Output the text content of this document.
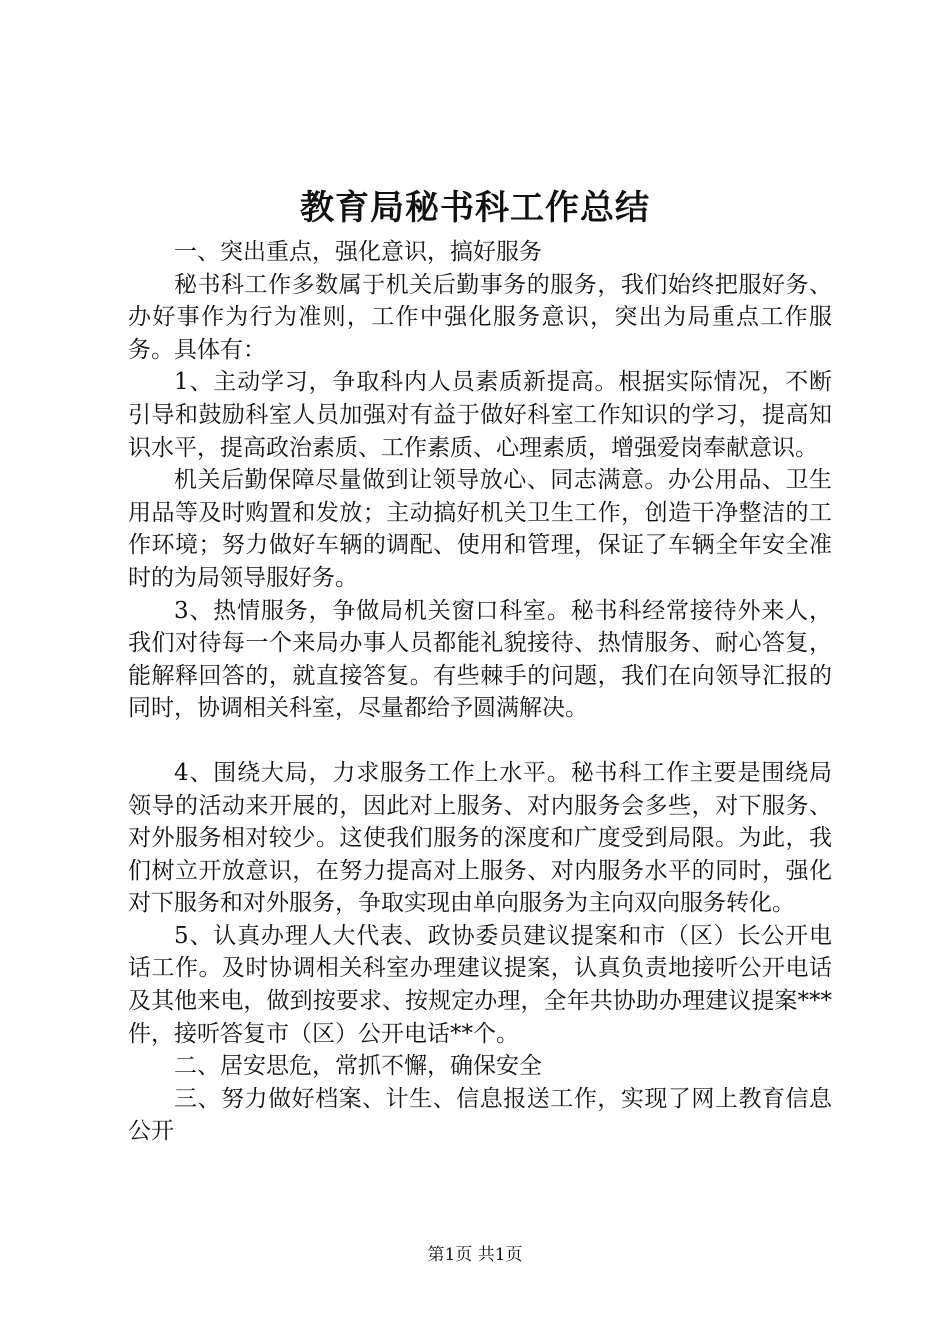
教育局秘书科工作总结

一、突出重点，强化意识，搞好服务

秘书科工作多数属于机关后勤事务的服务，我们始终把服好务、办好事作为行为准则，工作中强化服务意识，突出为局重点工作服务。具体有：

1、主动学习，争取科内人员素质新提高。根据实际情况，不断引导和鼓励科室人员加强对有益于做好科室工作知识的学习，提高知识水平，提高政治素质、工作素质、心理素质，增强爱岗奉献意识。

机关后勤保障尽量做到让领导放心、同志满意。办公用品、卫生用品等及时购置和发放；主动搞好机关卫生工作，创造干净整洁的工作环境；努力做好车辆的调配、使用和管理，保证了车辆全年安全准时的为局领导服好务。

3、热情服务，争做局机关窗口科室。秘书科经常接待外来人，我们对待每一个来局办事人员都能礼貌接待、热情服务、耐心答复，能解释回答的，就直接答复。有些棘手的问题，我们在向领导汇报的同时，协调相关科室，尽量都给予圆满解决。

4、围绕大局，力求服务工作上水平。秘书科工作主要是围绕局领导的活动来开展的，因此对上服务、对内服务会多些，对下服务、对外服务相对较少。这使我们服务的深度和广度受到局限。为此，我们树立开放意识，在努力提高对上服务、对内服务水平的同时，强化对下服务和对外服务，争取实现由单向服务为主向双向服务转化。

5、认真办理人大代表、政协委员建议提案和市（区）长公开电话工作。及时协调相关科室办理建议提案，认真负责地接听公开电话及其他来电，做到按要求、按规定办理，全年共协助办理建议提案***件，接听答复市（区）公开电话**个。

二、居安思危，常抓不懈，确保安全

三、努力做好档案、计生、信息报送工作，实现了网上教育信息公开

第1页 共1页
